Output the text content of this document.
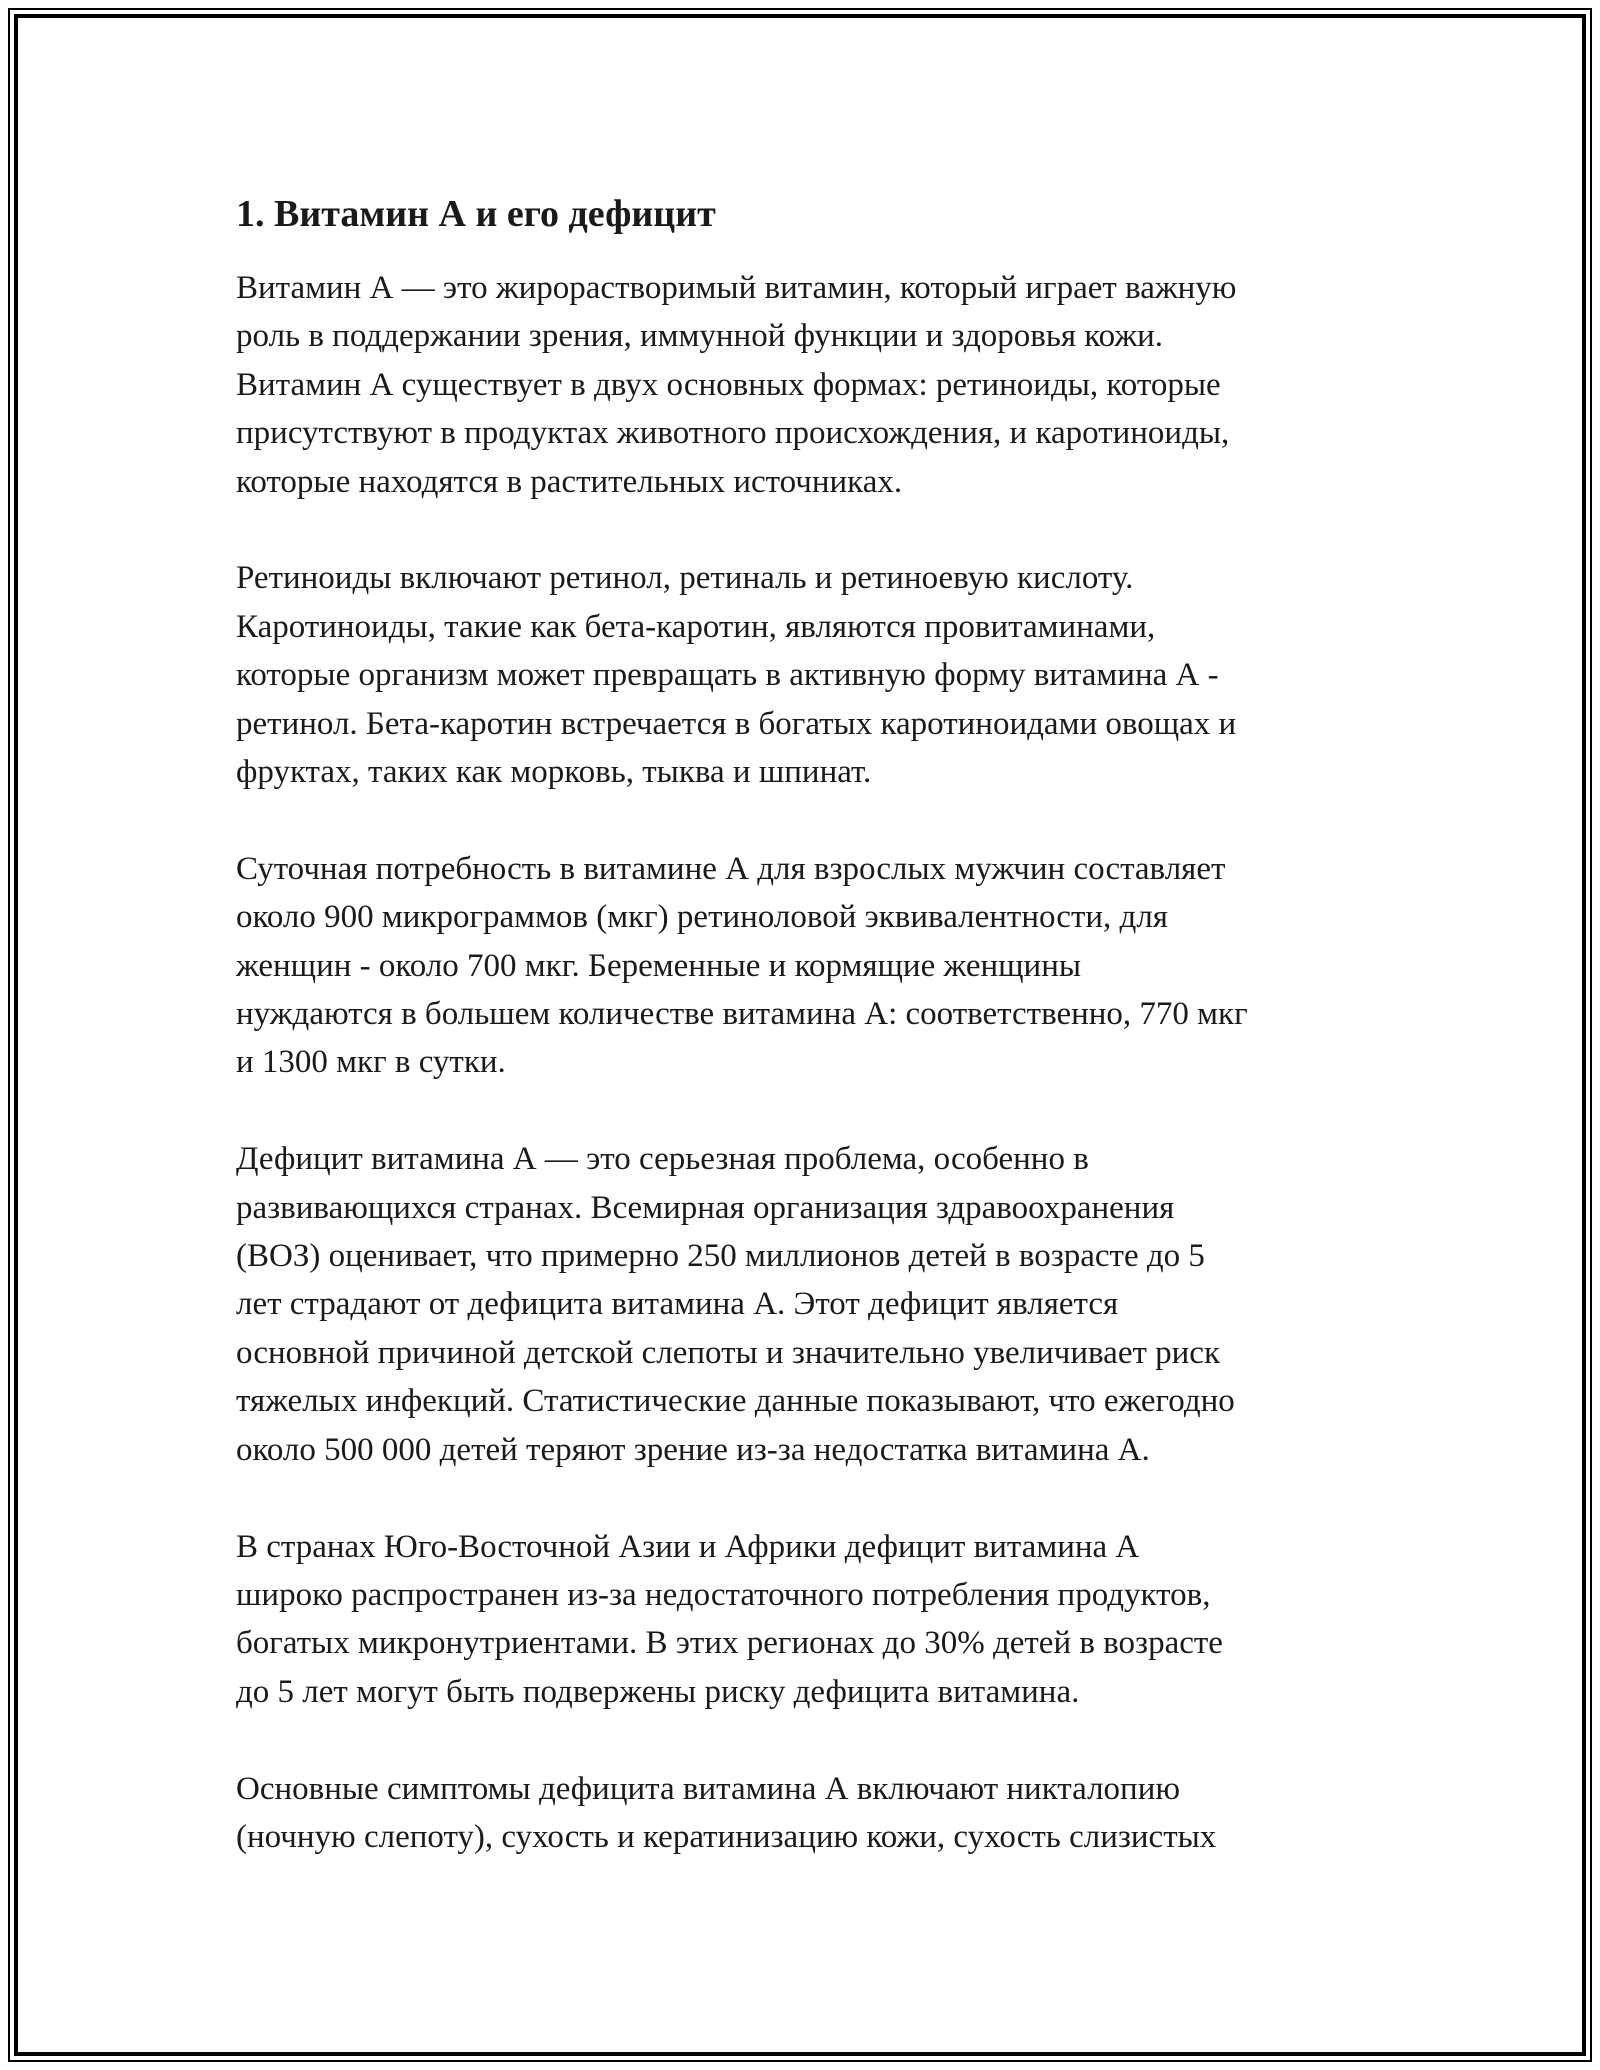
1. Витамин А и его дефицит

Витамин А — это жирорастворимый витамин, который играет важную
роль в поддержании зрения, иммунной функции и здоровья кожи.
Витамин А существует в двух основных формах: ретиноиды, которые
присутствуют в продуктах животного происхождения, и каротиноиды,
которые находятся в растительных источниках.

Ретиноиды включают ретинол, ретиналь и ретиноевую кислоту.
Каротиноиды, такие как бета-каротин, являются провитаминами,
которые организм может превращать в активную форму витамина А -
ретинол. Бета-каротин встречается в богатых каротиноидами овощах и
фруктах, таких как морковь, тыква и шпинат.

Суточная потребность в витамине А для взрослых мужчин составляет
около 900 микрограммов (мкг) ретиноловой эквивалентности, для
женщин - около 700 мкг. Беременные и кормящие женщины
нуждаются в большем количестве витамина А: соответственно, 770 мкг
и 1300 мкг в сутки.

Дефицит витамина А — это серьезная проблема, особенно в
развивающихся странах. Всемирная организация здравоохранения
(ВОЗ) оценивает, что примерно 250 миллионов детей в возрасте до 5
лет страдают от дефицита витамина А. Этот дефицит является
основной причиной детской слепоты и значительно увеличивает риск
тяжелых инфекций. Статистические данные показывают, что ежегодно
около 500 000 детей теряют зрение из-за недостатка витамина А.

В странах Юго-Восточной Азии и Африки дефицит витамина А
широко распространен из-за недостаточного потребления продуктов,
богатых микронутриентами. В этих регионах до 30% детей в возрасте
до 5 лет могут быть подвержены риску дефицита витамина.

Основные симптомы дефицита витамина А включают никталопию
(ночную слепоту), сухость и кератинизацию кожи, сухость слизистых
